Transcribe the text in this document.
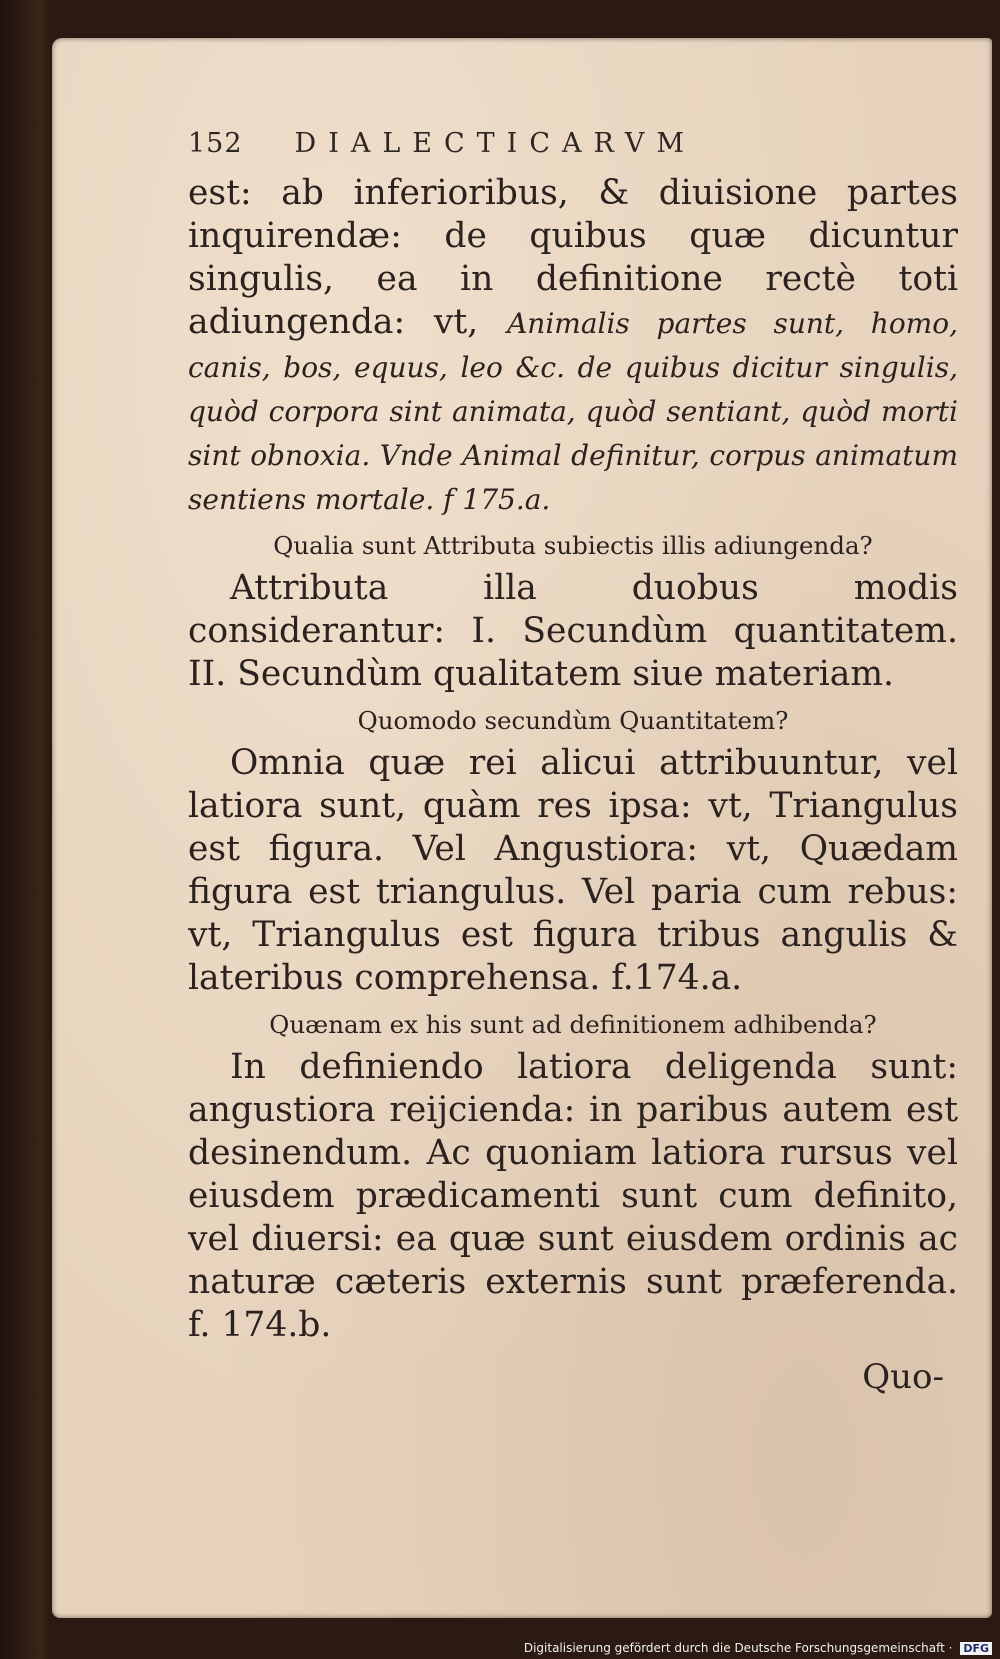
152 DIALECTICARVM

est: ab inferioribus, & diuisione partes inquirendæ: de quibus quæ dicuntur singulis, ea in definitione rectè toti adiungenda: vt, Animalis partes sunt, homo, canis, bos, equus, leo &c. de quibus dicitur singulis, quòd corpora sint animata, quòd sentiant, quòd morti sint obnoxia. Vnde Animal definitur, corpus animatum sentiens mortale. f 175.a.

Qualia sunt Attributa subiectis illis adiungenda?

Attributa illa duobus modis considerantur: I. Secundùm quantitatem. II. Secundùm qualitatem siue materiam.

Quomodo secundùm Quantitatem?

Omnia quæ rei alicui attribuuntur, vel latiora sunt, quàm res ipsa: vt, Triangulus est figura. Vel Angustiora: vt, Quædam figura est triangulus. Vel paria cum rebus: vt, Triangulus est figura tribus angulis & lateribus comprehensa. f.174.a.

Quænam ex his sunt ad definitionem adhibenda?

In definiendo latiora deligenda sunt: angustiora reijcienda: in paribus autem est desinendum. Ac quoniam latiora rursus vel eiusdem prædicamenti sunt cum definito, vel diuersi: ea quæ sunt eiusdem ordinis ac naturæ cæteris externis sunt præferenda. f. 174.b.

Quo-
Digitalisierung gefördert durch die Deutsche Forschungsgemeinschaft · DFG
